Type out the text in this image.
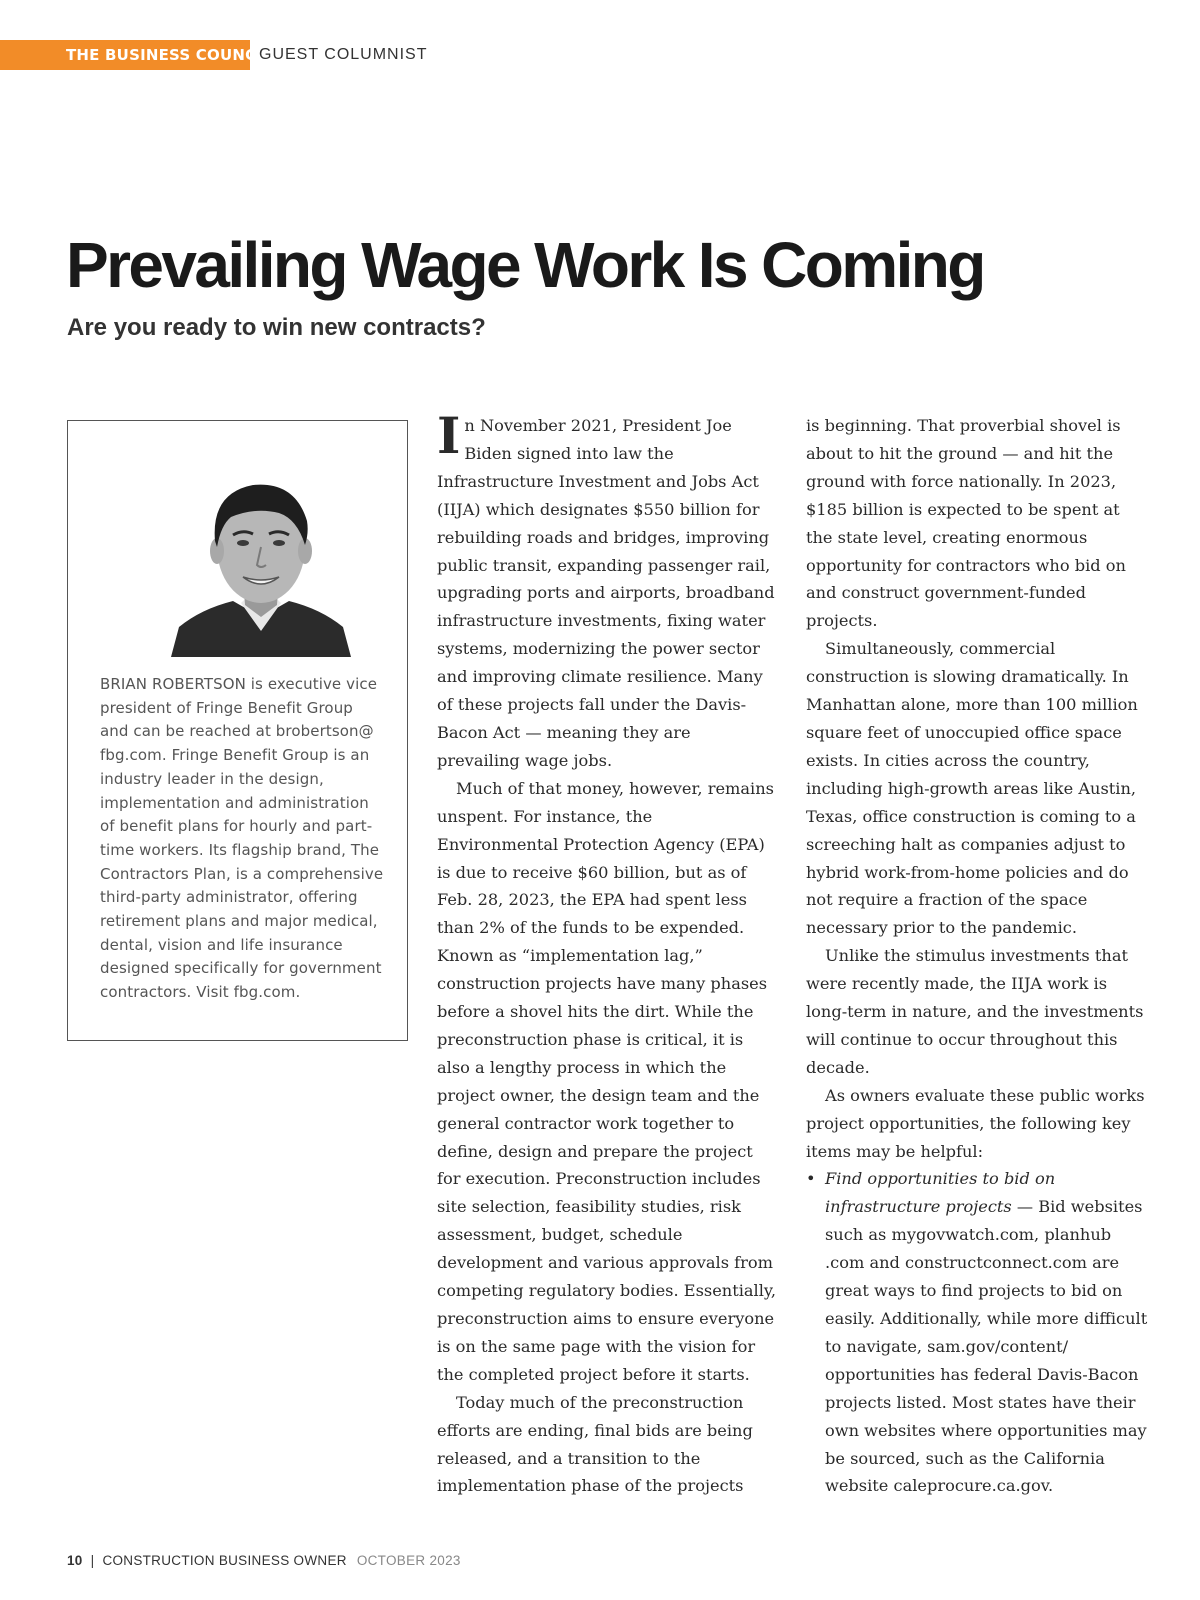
THE BUSINESS COUNCIL
GUEST COLUMNIST
Prevailing Wage Work Is Coming
Are you ready to win new contracts?

BRIAN ROBERTSON is executive vice president of Fringe Benefit Group and can be reached at brobertson@ fbg.com. Fringe Benefit Group is an industry leader in the design, implementation and administration of benefit plans for hourly and part-time workers. Its flagship brand, The Contractors Plan, is a comprehensive third-party administrator, offering retirement plans and major medical, dental, vision and life insurance designed specifically for government contractors. Visit fbg.com.

In November 2021, President Joe Biden signed into law the Infrastructure Investment and Jobs Act (IIJA) which designates $550 billion for rebuilding roads and bridges, improving public transit, expanding passenger rail, upgrading ports and airports, broadband infrastructure investments, fixing water systems, modernizing the power sector and improving climate resilience. Many of these projects fall under the Davis-Bacon Act — meaning they are prevailing wage jobs.

Much of that money, however, remains unspent. For instance, the Environmental Protection Agency (EPA) is due to receive $60 billion, but as of Feb. 28, 2023, the EPA had spent less than 2% of the funds to be expended. Known as “implementation lag,” construction projects have many phases before a shovel hits the dirt. While the preconstruction phase is critical, it is also a lengthy process in which the project owner, the design team and the general contractor work together to define, design and prepare the project for execution. Preconstruction includes site selection, feasibility studies, risk assessment, budget, schedule development and various approvals from competing regulatory bodies. Essentially, preconstruction aims to ensure everyone is on the same page with the vision for the completed project before it starts.

Today much of the preconstruction efforts are ending, final bids are being released, and a transition to the implementation phase of the projects

is beginning. That proverbial shovel is about to hit the ground — and hit the ground with force nationally. In 2023, $185 billion is expected to be spent at the state level, creating enormous opportunity for contractors who bid on and construct government-funded projects.

Simultaneously, commercial construction is slowing dramatically. In Manhattan alone, more than 100 million square feet of unoccupied office space exists. In cities across the country, including high-growth areas like Austin, Texas, office construction is coming to a screeching halt as companies adjust to hybrid work-from-home policies and do not require a fraction of the space necessary prior to the pandemic.

Unlike the stimulus investments that were recently made, the IIJA work is long-term in nature, and the investments will continue to occur throughout this decade.

As owners evaluate these public works project opportunities, the following key items may be helpful:

• Find opportunities to bid on infrastructure projects — Bid websites such as mygovwatch.com, planhub .com and constructconnect.com are great ways to find projects to bid on easily. Additionally, while more difficult to navigate, sam.gov/content/ opportunities has federal Davis-Bacon projects listed. Most states have their own websites where opportunities may be sourced, such as the California website caleprocure.ca.gov.
10 | CONSTRUCTION BUSINESS OWNER OCTOBER 2023
